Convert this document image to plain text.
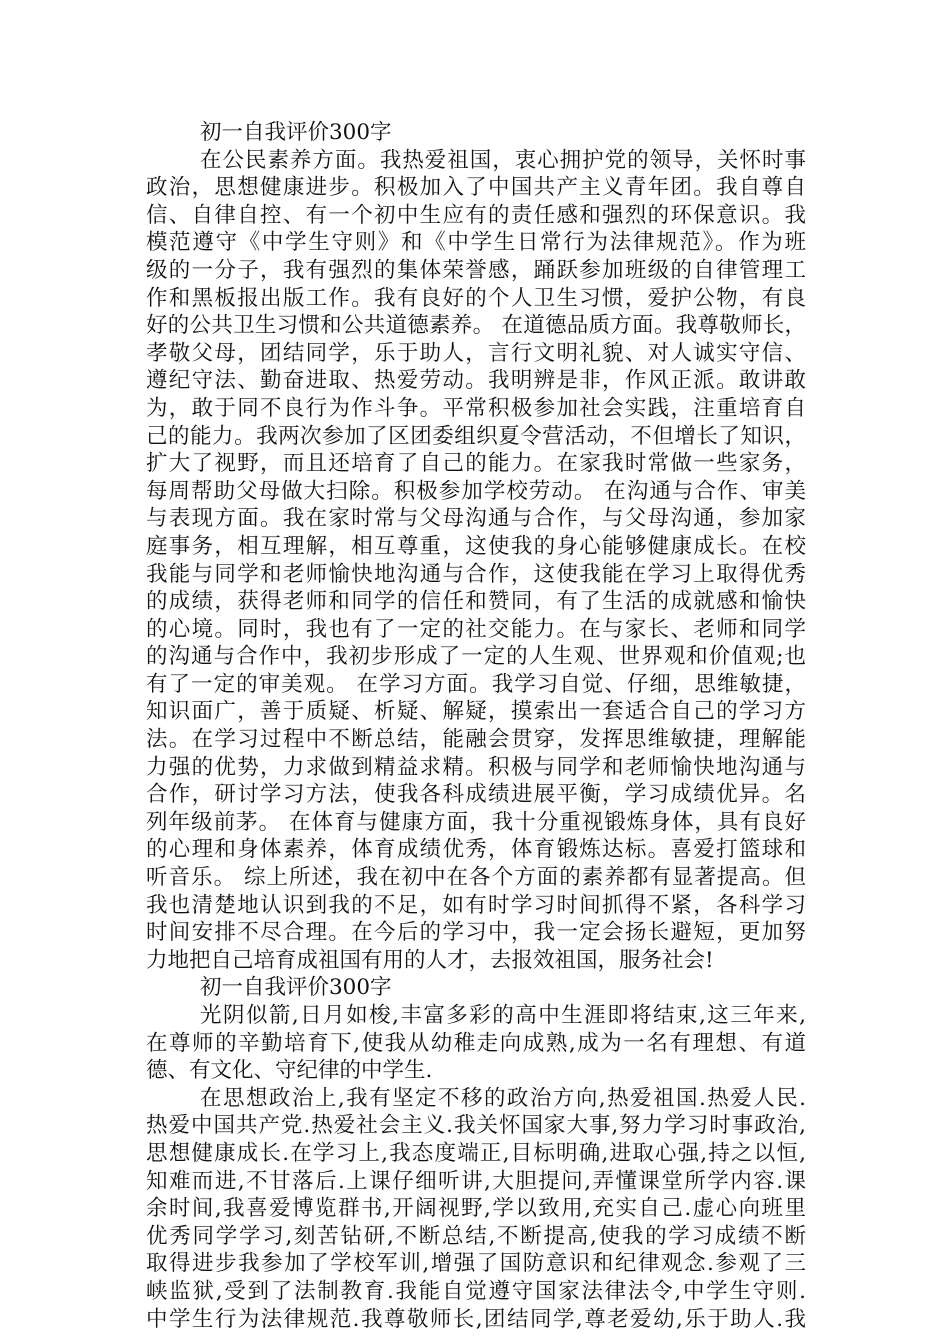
初一自我评价300字
在公民素养方面。我热爱祖国，衷心拥护党的领导，关怀时事
政治，思想健康进步。积极加入了中国共产主义青年团。我自尊自
信、自律自控、有一个初中生应有的责任感和强烈的环保意识。我
模范遵守《中学生守则》和《中学生日常行为法律规范》。作为班
级的一分子，我有强烈的集体荣誉感，踊跃参加班级的自律管理工
作和黑板报出版工作。我有良好的个人卫生习惯，爱护公物，有良
好的公共卫生习惯和公共道德素养。 在道德品质方面。我尊敬师长，
孝敬父母，团结同学，乐于助人，言行文明礼貌、对人诚实守信、
遵纪守法、勤奋进取、热爱劳动。我明辨是非，作风正派。敢讲敢
为，敢于同不良行为作斗争。平常积极参加社会实践，注重培育自
己的能力。我两次参加了区团委组织夏令营活动，不但增长了知识，
扩大了视野，而且还培育了自己的能力。在家我时常做一些家务，
每周帮助父母做大扫除。积极参加学校劳动。 在沟通与合作、审美
与表现方面。我在家时常与父母沟通与合作，与父母沟通，参加家
庭事务，相互理解，相互尊重，这使我的身心能够健康成长。在校
我能与同学和老师愉快地沟通与合作，这使我能在学习上取得优秀
的成绩，获得老师和同学的信任和赞同，有了生活的成就感和愉快
的心境。同时，我也有了一定的社交能力。在与家长、老师和同学
的沟通与合作中，我初步形成了一定的人生观、世界观和价值观;也
有了一定的审美观。 在学习方面。我学习自觉、仔细，思维敏捷，
知识面广，善于质疑、析疑、解疑，摸索出一套适合自己的学习方
法。在学习过程中不断总结，能融会贯穿，发挥思维敏捷，理解能
力强的优势，力求做到精益求精。积极与同学和老师愉快地沟通与
合作，研讨学习方法，使我各科成绩进展平衡，学习成绩优异。名
列年级前茅。 在体育与健康方面，我十分重视锻炼身体，具有良好
的心理和身体素养，体育成绩优秀，体育锻炼达标。喜爱打篮球和
听音乐。 综上所述，我在初中在各个方面的素养都有显著提高。但
我也清楚地认识到我的不足，如有时学习时间抓得不紧，各科学习
时间安排不尽合理。在今后的学习中，我一定会扬长避短，更加努
力地把自己培育成祖国有用的人才，去报效祖国，服务社会!
初一自我评价300字
光阴似箭,日月如梭,丰富多彩的高中生涯即将结束,这三年来,
在尊师的辛勤培育下,使我从幼稚走向成熟,成为一名有理想、有道
德、有文化、守纪律的中学生.
在思想政治上,我有坚定不移的政治方向,热爱祖国.热爱人民.
热爱中国共产党.热爱社会主义.我关怀国家大事,努力学习时事政治,
思想健康成长.在学习上,我态度端正,目标明确,进取心强,持之以恒,
知难而进,不甘落后.上课仔细听讲,大胆提问,弄懂课堂所学内容.课
余时间,我喜爱博览群书,开阔视野,学以致用,充实自己.虚心向班里
优秀同学学习,刻苦钻研,不断总结,不断提高,使我的学习成绩不断
取得进步我参加了学校军训,增强了国防意识和纪律观念.参观了三
峡监狱,受到了法制教育.我能自觉遵守国家法律法令,中学生守则.
中学生行为法律规范.我尊敬师长,团结同学,尊老爱幼,乐于助人.我
